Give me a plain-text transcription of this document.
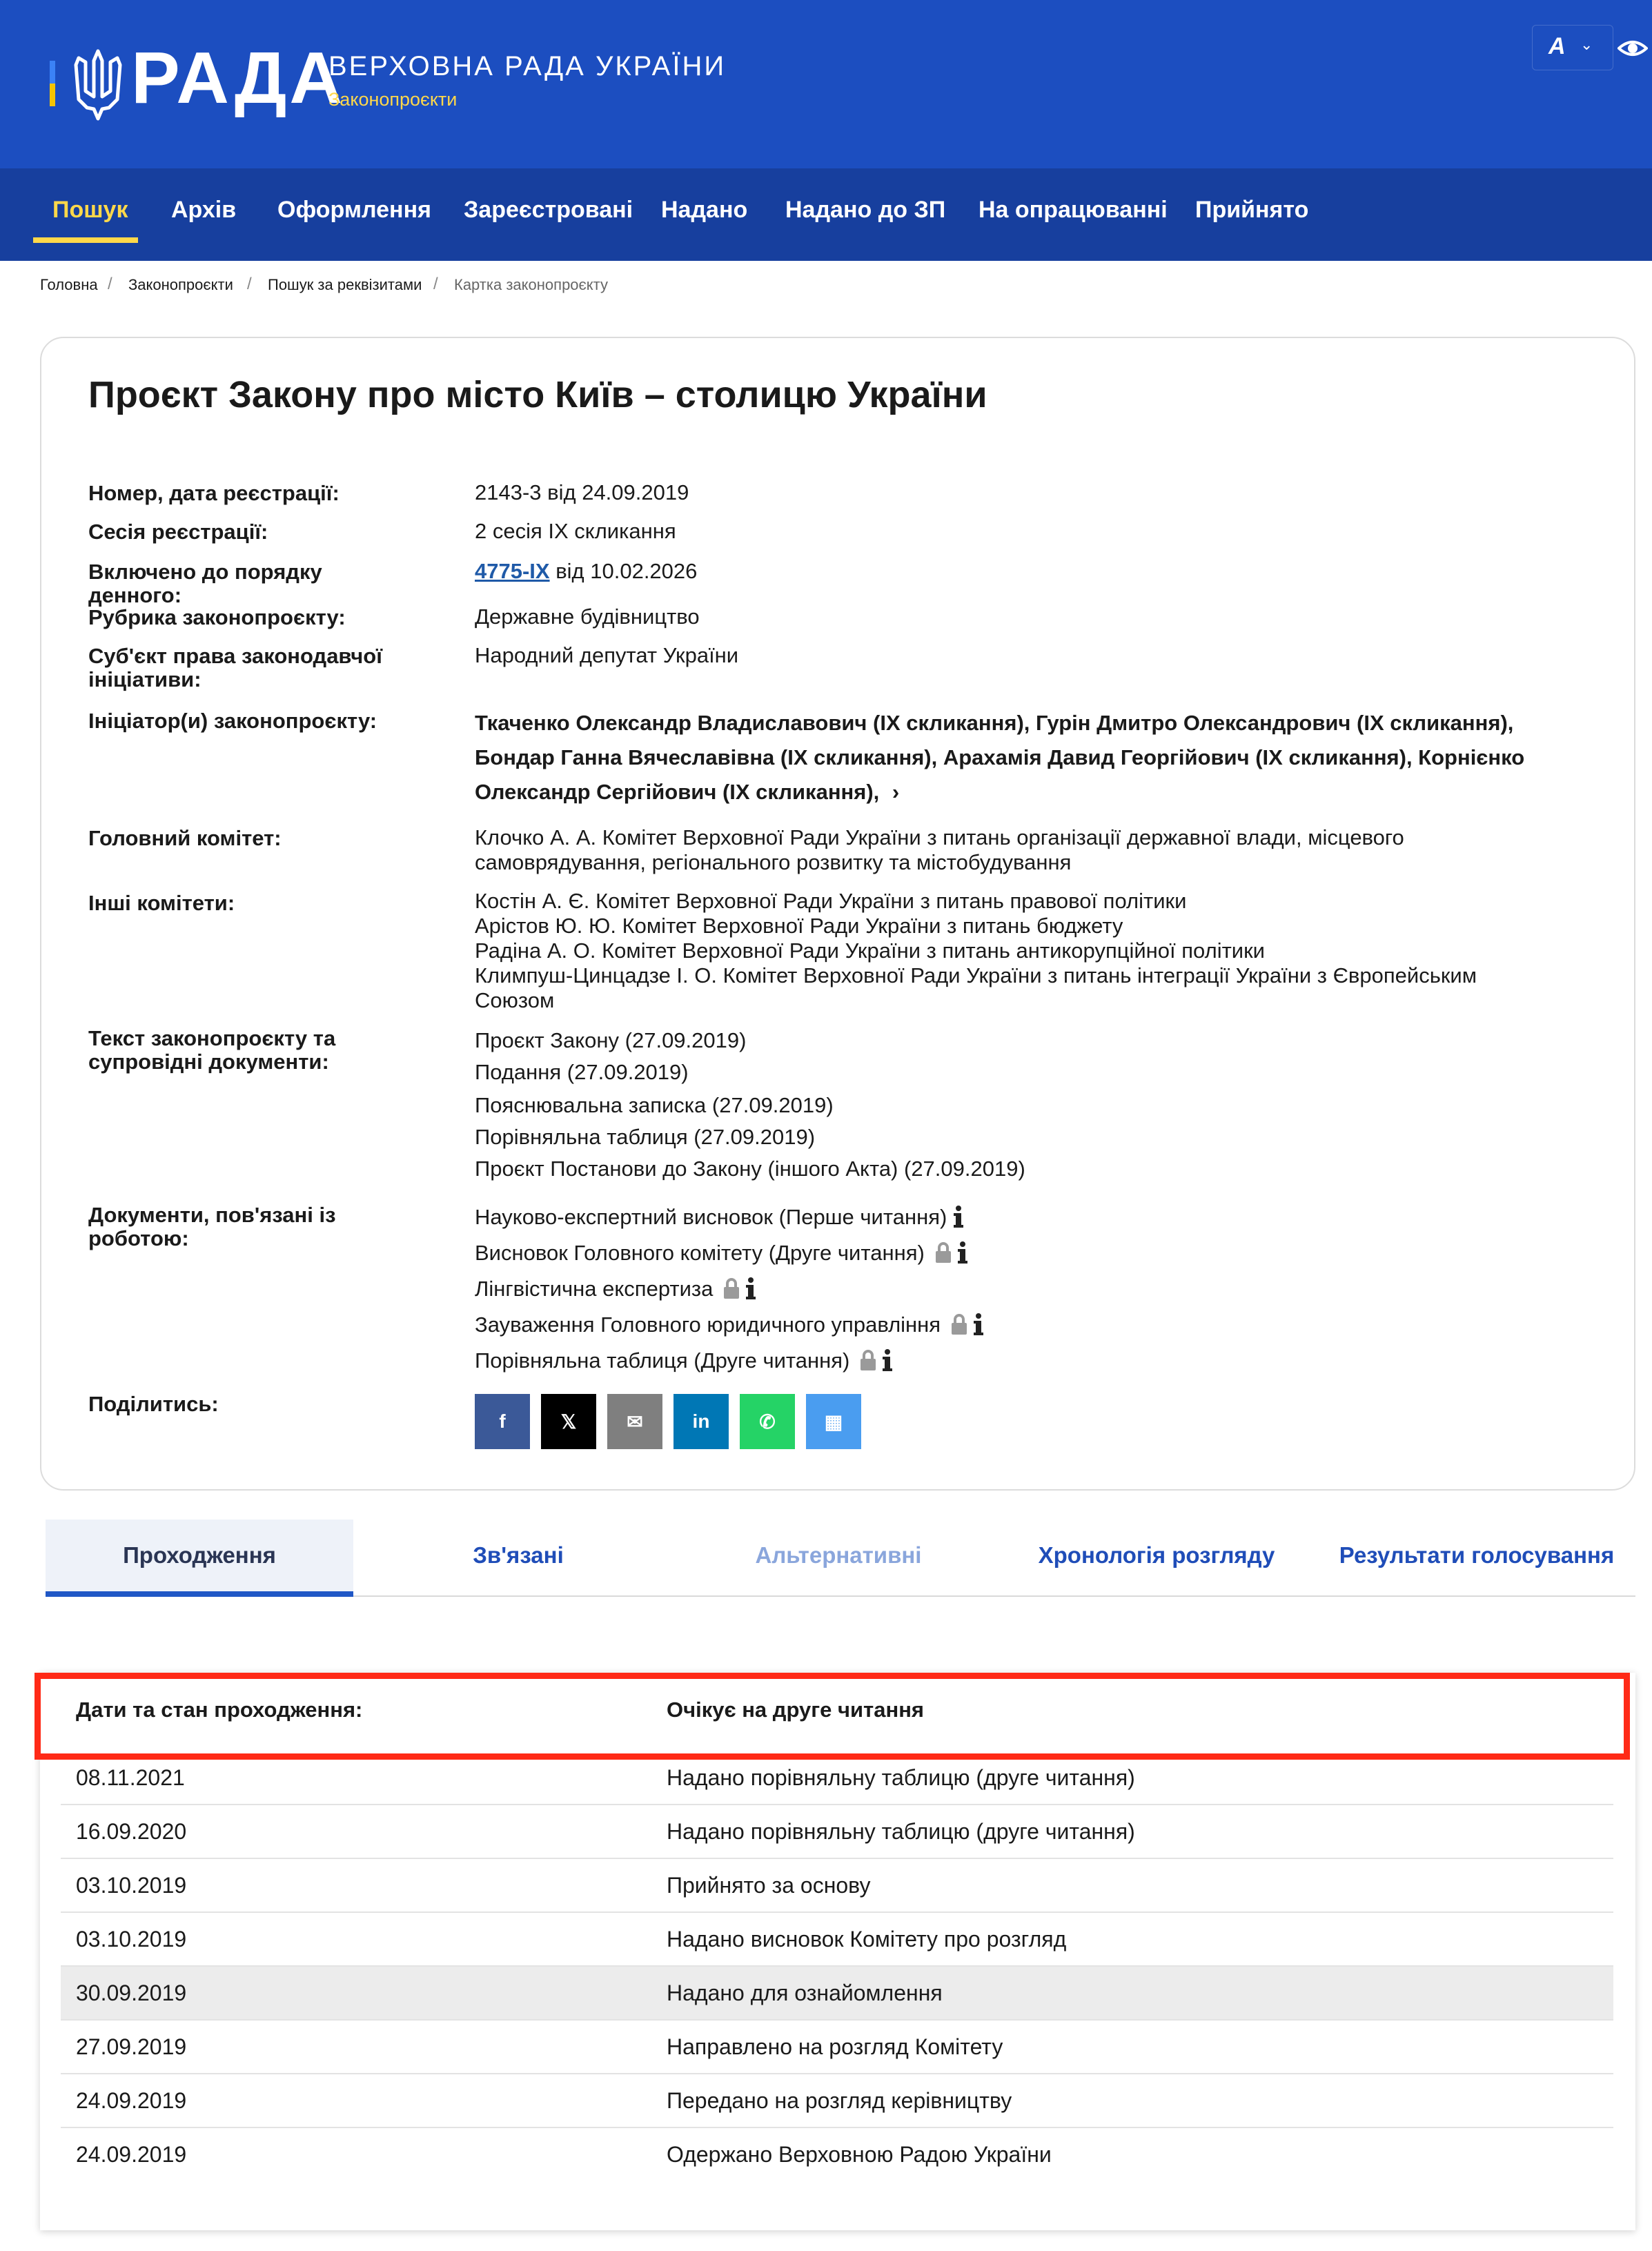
РАДА
ВЕРХОВНА РАДА УКРАЇНИ
Законопроєкти
A ⌄
Пошук Архів Оформлення Зареєстровані Надано Надано до ЗП На опрацюванні Прийнято
Головна / Законопроєкти / Пошук за реквізитами / Картка законопроєкту
Проєкт Закону про місто Київ – столицю України
Номер, дата реєстрації:	2143-3 від 24.09.2019
Сесія реєстрації:	2 сесія IX скликання
Включено до порядку денного:
4775-IX від 10.02.2026
Рубрика законопроєкту:	Державне будівництво
Суб'єкт права законодавчої ініціативи:
Народний депутат України
Ініціатор(и) законопроєкту:	Ткаченко Олександр Владиславович (IX скликання), Гурін Дмитро Олександрович (IX скликання),
Бондар Ганна Вячеславівна (IX скликання), Арахамія Давид Георгійович (IX скликання), Корнієнко
Олександр Сергійович (IX скликання), ›
Головний комітет:	Клочко А. А. Комітет Верховної Ради України з питань організації державної влади, місцевого
самоврядування, регіонального розвитку та містобудування
Інші комітети:	Костін А. Є. Комітет Верховної Ради України з питань правової політики
Арістов Ю. Ю. Комітет Верховної Ради України з питань бюджету
Радіна А. О. Комітет Верховної Ради України з питань антикорупційної політики
Климпуш-Цинцадзе І. О. Комітет Верховної Ради України з питань інтеграції України з Європейським
Союзом
Текст законопроєкту та супровідні документи:
Проєкт Закону (27.09.2019)
Подання (27.09.2019)
Пояснювальна записка (27.09.2019)
Порівняльна таблиця (27.09.2019)
Проєкт Постанови до Закону (іншого Акта) (27.09.2019)
Документи, пов'язані із роботою:
Науково-експертний висновок (Перше читання)
Висновок Головного комітету (Друге читання)
Лінгвістична експертиза
Зауваження Головного юридичного управління
Порівняльна таблиця (Друге читання)
Поділитись:
f	𝕏	✉	in	✆	▦
Проходження	Зв'язані	Альтернативні	Хронологія розгляду	Результати голосування
Дати та стан проходження:	Очікує на друге читання
08.11.2021	Надано порівняльну таблицю (друге читання)
16.09.2020	Надано порівняльну таблицю (друге читання)
03.10.2019	Прийнято за основу
03.10.2019	Надано висновок Комітету про розгляд
30.09.2019	Надано для ознайомлення
27.09.2019	Направлено на розгляд Комітету
24.09.2019	Передано на розгляд керівництву
24.09.2019	Одержано Верховною Радою України
